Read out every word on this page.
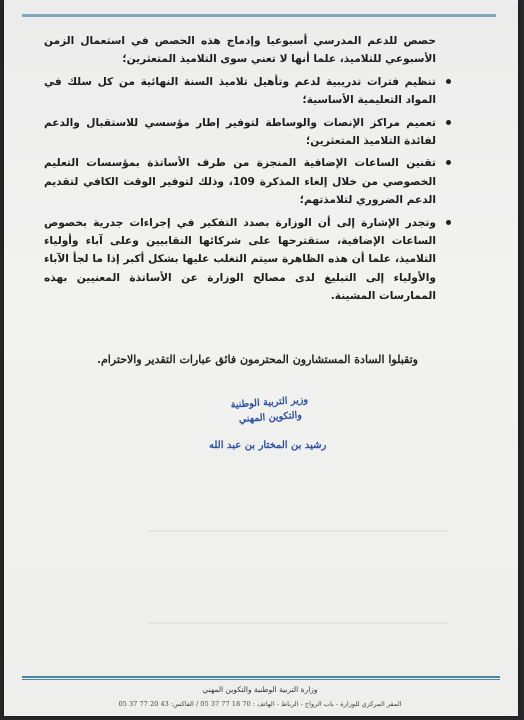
حصص للدعم المدرسي أسبوعيا وإدماج هذه الحصص في استعمال الزمن الأسبوعي للتلاميذ، علما أنها لا تعني سوى التلاميذ المتعثرين؛

تنظيم فترات تدريبية لدعم وتأهيل تلاميذ السنة النهائية من كل سلك في المواد التعليمية الأساسية؛
تعميم مراكز الإنصات والوساطة لتوفير إطار مؤسسي للاستقبال والدعم لفائدة التلاميذ المتعثرين؛
تقنين الساعات الإضافية المنجزة من طرف الأساتذة بمؤسسات التعليم الخصوصي من خلال إلغاء المذكرة 109، وذلك لتوفير الوقت الكافي لتقديم الدعم الضروري لتلامذتهم؛
وتجدر الإشارة إلى أن الوزارة بصدد التفكير في إجراءات جدرية بخصوص الساعات الإضافية، ستقترحها على شركائها النقابيين وعلى آباء وأولياء التلاميذ، علما أن هذه الظاهرة سيتم التغلب عليها بشكل أكبر إذا ما لجأ الآباء والأولياء إلى التبليغ لدى مصالح الوزارة عن الأساتذة المعنيين بهذه الممارسات المشينة.
وتقبلوا السادة المستشارون المحترمون فائق عبارات التقدير والاحترام.
وزير التربية الوطنية
والتكوين المهني
رشيد بن المختار بن عبد الله
وزارة التربية الوطنية والتكوين المهني
المقر المركزي للوزارة - باب الرواح - الرباط - الهاتف : 70 18 77 37 05 / الفاكس: 43 20 77 37 05
